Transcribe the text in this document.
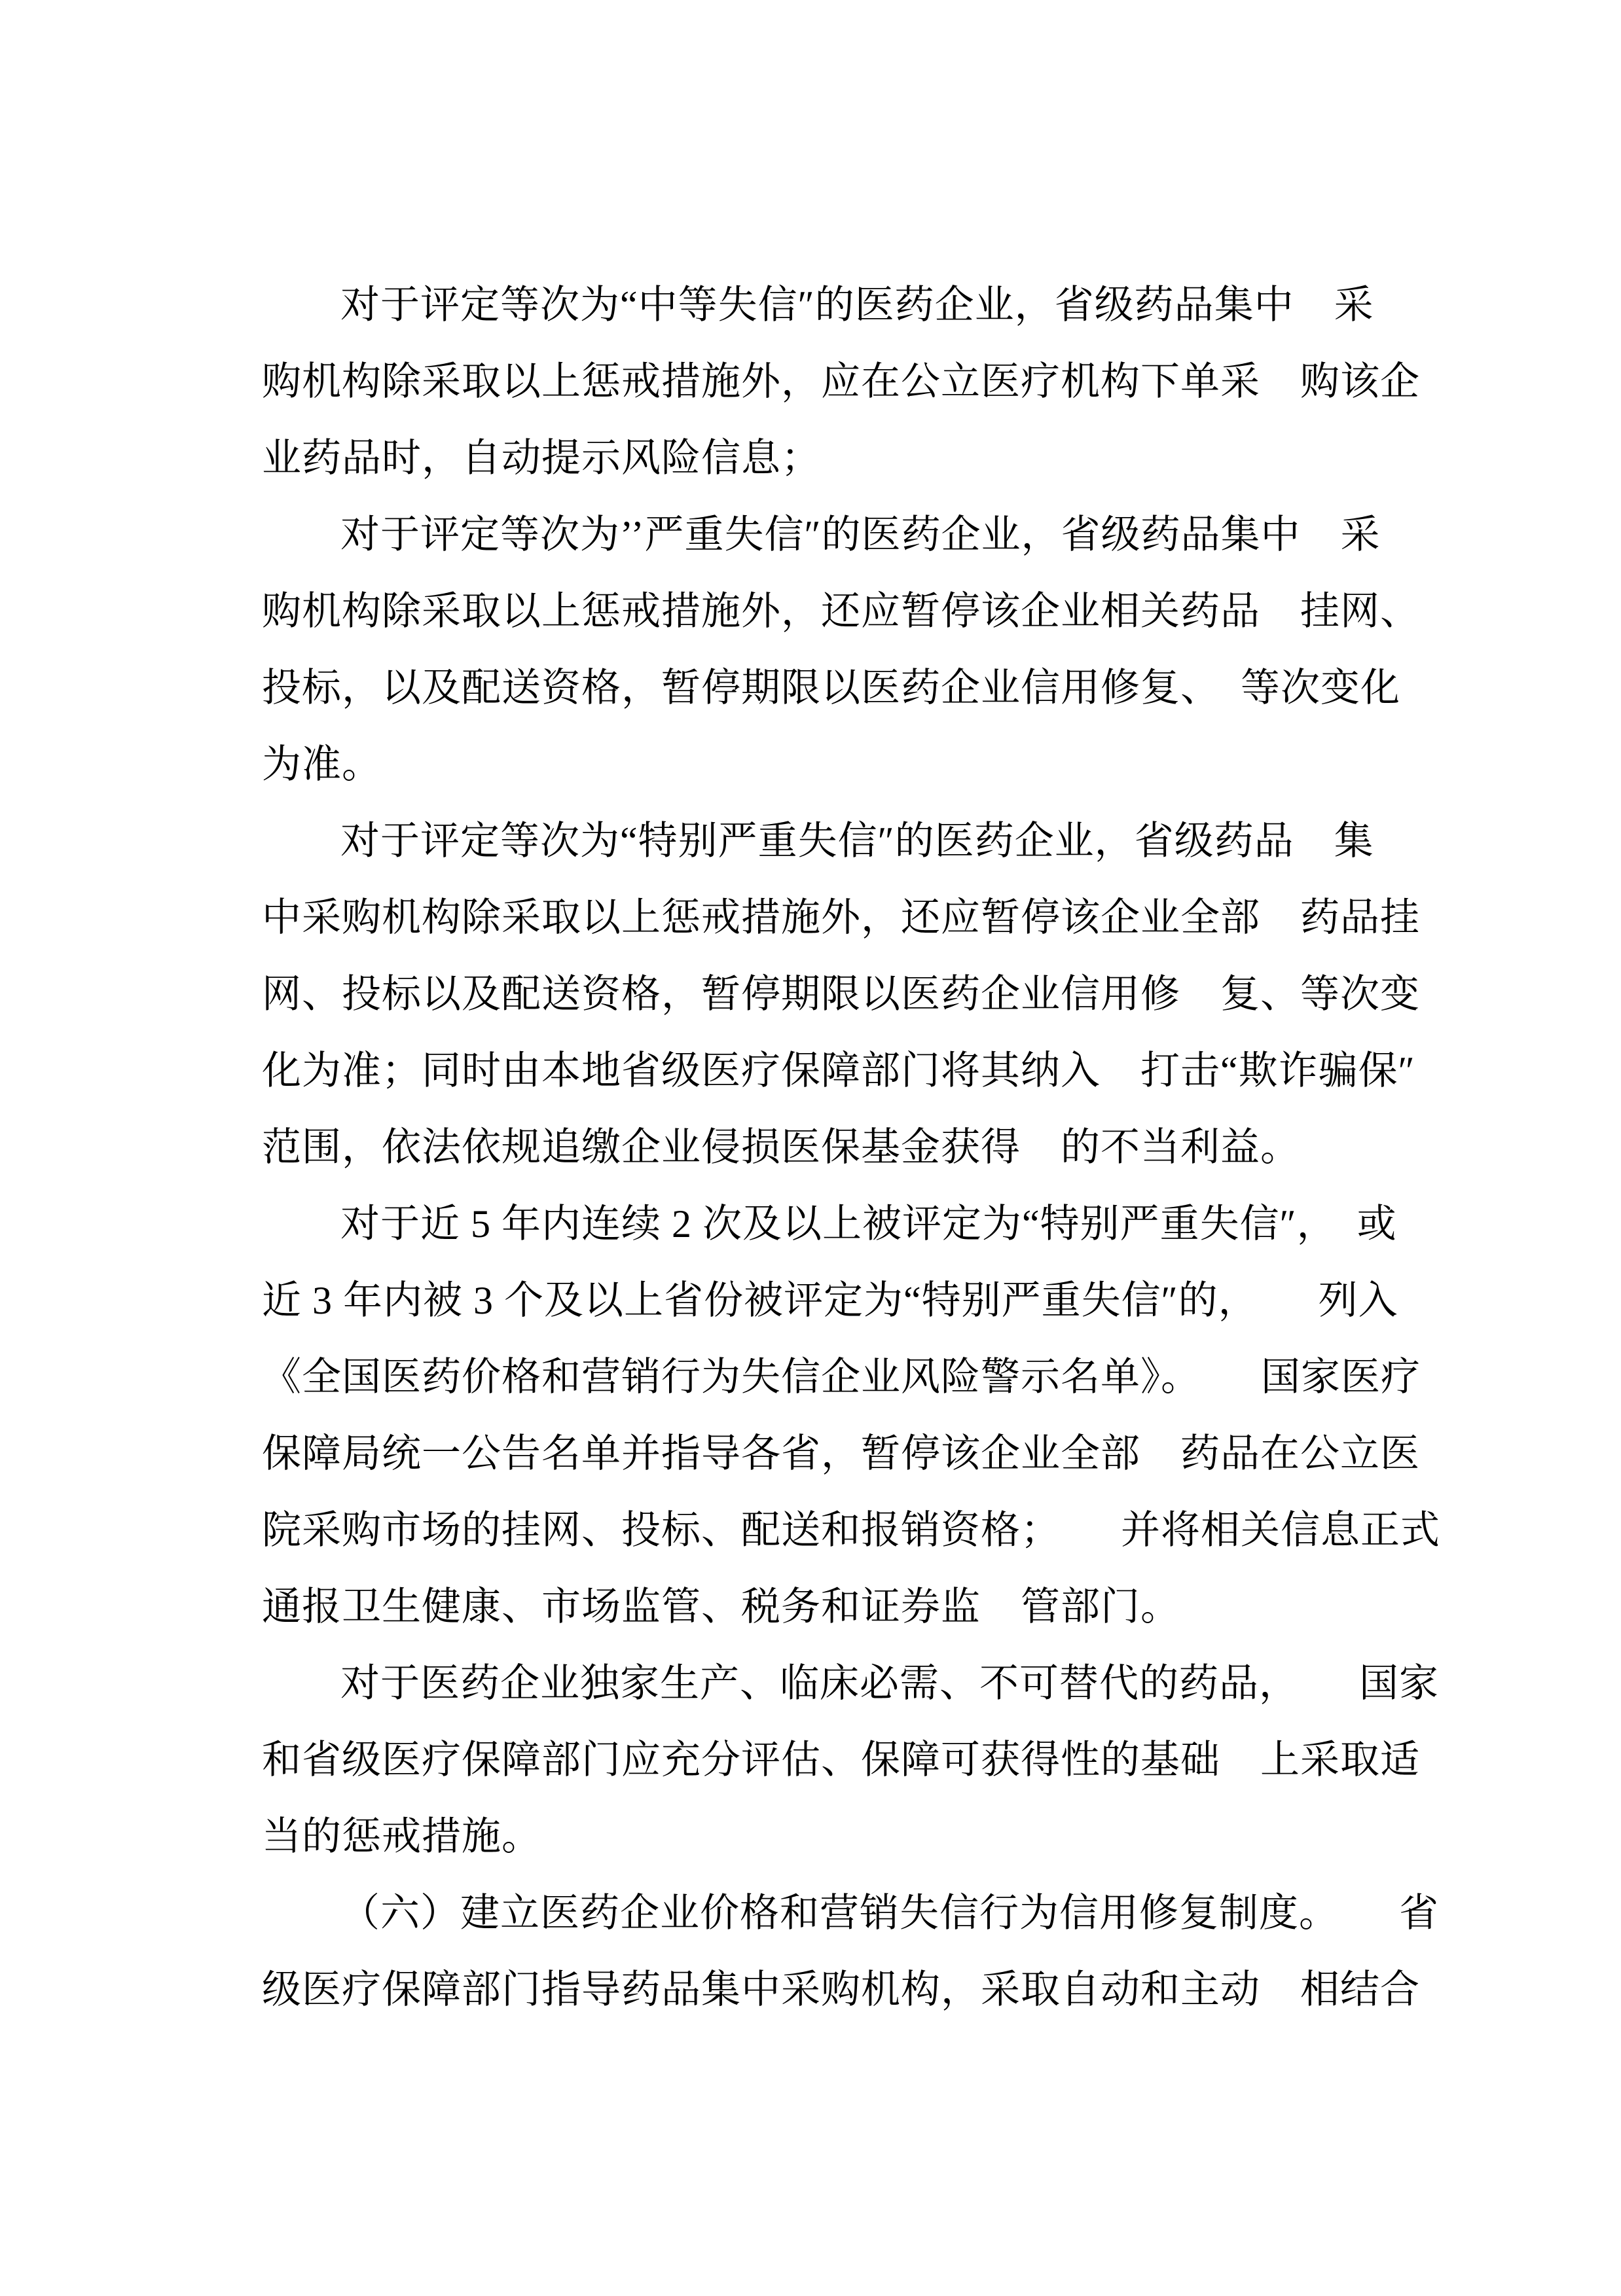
对于评定等次为“中等失信″的医药企业，省级药品集中　采
购机构除采取以上惩戒措施外，应在公立医疗机构下单采　购该企
业药品时，自动提示风险信息；
对于评定等次为’’严重失信″的医药企业，省级药品集中　采
购机构除采取以上惩戒措施外，还应暂停该企业相关药品　挂网、
投标，以及配送资格，暂停期限以医药企业信用修复、　等次变化
为准。
对于评定等次为“特别严重失信″的医药企业，省级药品　集
中采购机构除采取以上惩戒措施外，还应暂停该企业全部　药品挂
网、投标以及配送资格，暂停期限以医药企业信用修　复、等次变
化为准；同时由本地省级医疗保障部门将其纳入　打击“欺诈骗保″
范围，依法依规追缴企业侵损医保基金获得　的不当利益。
对于近 5 年内连续 2 次及以上被评定为“特别严重失信″，　或
近 3 年内被 3 个及以上省份被评定为“特别严重失信″的，　　列入
《全国医药价格和营销行为失信企业风险警示名单》。　　国家医疗
保障局统一公告名单并指导各省，暂停该企业全部　药品在公立医
院采购市场的挂网、投标、配送和报销资格；　　并将相关信息正式
通报卫生健康、市场监管、税务和证券监　管部门。
对于医药企业独家生产、临床必需、不可替代的药品，　　国家
和省级医疗保障部门应充分评估、保障可获得性的基础　上采取适
当的惩戒措施。
（六）建立医药企业价格和营销失信行为信用修复制度。　　省
级医疗保障部门指导药品集中采购机构，采取自动和主动　相结合
